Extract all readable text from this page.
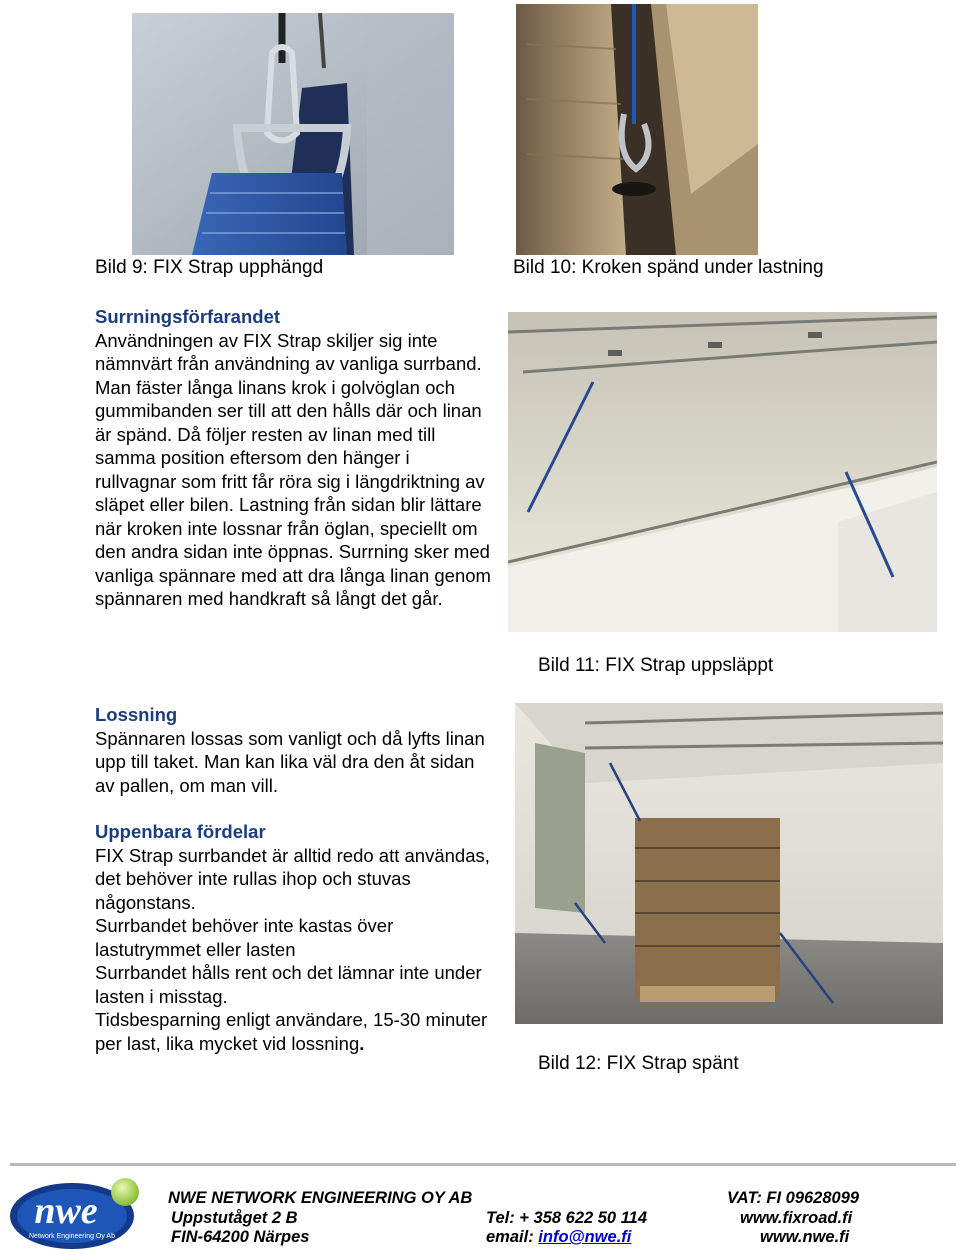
Bild 9: FIX Strap upphängd	Bild 10: Kroken spänd under lastning
Bild 11: FIX Strap uppsläppt
Bild 12: FIX Strap spänt
Surrningsförfarandet

Användningen av FIX Strap skiljer sig inte nämnvärt från användning av vanliga surrband. Man fäster långa linans krok i golvöglan och gummibanden ser till att den hålls där och linan är spänd. Då följer resten av linan med till samma position eftersom den hänger i rullvagnar som fritt får röra sig i längdriktning av släpet eller bilen. Lastning från sidan blir lättare när kroken inte lossnar från öglan, speciellt om den andra sidan inte öppnas. Surrning sker med vanliga spännare med att dra långa linan genom spännaren med handkraft så långt det går.

Lossning

Spännaren lossas som vanligt och då lyfts linan upp till taket. Man kan lika väl dra den åt sidan av pallen, om man vill.

Uppenbara fördelar

FIX Strap surrbandet är alltid redo att användas, det behöver inte rullas ihop och stuvas någonstans.

Surrbandet behöver inte kastas över lastutrymmet eller lasten

Surrbandet hålls rent och det lämnar inte under lasten i misstag.

Tidsbesparning enligt användare, 15-30 minuter per last, lika mycket vid lossning.

nwe
Network Engineering Oy Ab
NWE NETWORK ENGINEERING OY AB	VAT: FI 09628099
Uppstutåget 2 B	Tel: + 358 622 50 114	www.fixroad.fi
FIN-64200 Närpes	email: info@nwe.fi	www.nwe.fi
